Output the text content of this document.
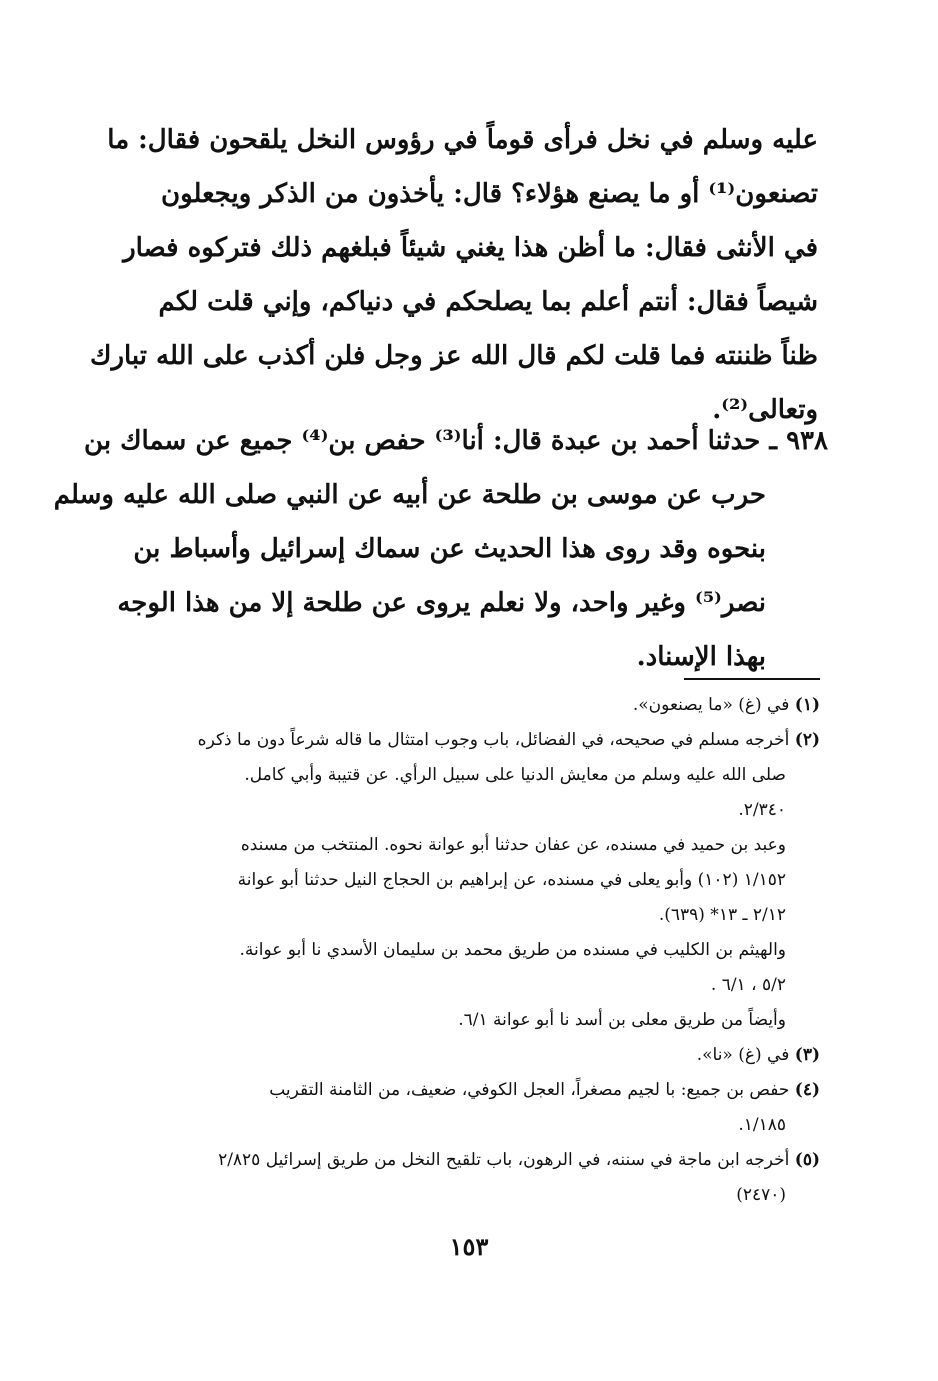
عليه وسلم في نخل فرأى قوماً في رؤوس النخل يلقحون فقال: ما
تصنعون⁽¹⁾ أو ما يصنع هؤلاء؟ قال: يأخذون من الذكر ويجعلون
في الأنثى فقال: ما أظن هذا يغني شيئاً فبلغهم ذلك فتركوه فصار
شيصاً فقال: أنتم أعلم بما يصلحكم في دنياكم، وإني قلت لكم
ظناً ظننته فما قلت لكم قال الله عز وجل فلن أكذب على الله تبارك
وتعالى⁽²⁾.
٩٣٨ ـ حدثنا أحمد بن عبدة قال: أنا⁽³⁾ حفص بن⁽⁴⁾ جميع عن سماك بن
حرب عن موسى بن طلحة عن أبيه عن النبي صلى الله عليه وسلم
بنحوه وقد روى هذا الحديث عن سماك إسرائيل وأسباط بن
نصر⁽⁵⁾ وغير واحد، ولا نعلم يروى عن طلحة إلا من هذا الوجه
بهذا الإسناد.
(١) في (غ) «ما يصنعون».
(٢) أخرجه مسلم في صحيحه، في الفضائل، باب وجوب امتثال ما قاله شرعاً دون ما ذكره
صلى الله عليه وسلم من معايش الدنيا على سبيل الرأي. عن قتيبة وأبي كامل.
٢/٣٤٠.
وعبد بن حميد في مسنده، عن عفان حدثنا أبو عوانة نحوه. المنتخب من مسنده
١/١٥٢ (١٠٢) وأبو يعلى في مسنده، عن إبراهيم بن الحجاج النيل حدثنا أبو عوانة
٢/١٢ ـ ١٣* (٦٣٩).
والهيثم بن الكليب في مسنده من طريق محمد بن سليمان الأسدي نا أبو عوانة.
٥/٢ ، ٦/١ .
وأيضاً من طريق معلى بن أسد نا أبو عوانة ٦/١.
(٣) في (غ) «نا».
(٤) حفص بن جميع: با لجيم مصغراً، العجل الكوفي، ضعيف، من الثامنة التقريب
١/١٨٥.
(٥) أخرجه ابن ماجة في سننه، في الرهون، باب تلقيح النخل من طريق إسرائيل ٢/٨٢٥
(٢٤٧٠)
١٥٣
